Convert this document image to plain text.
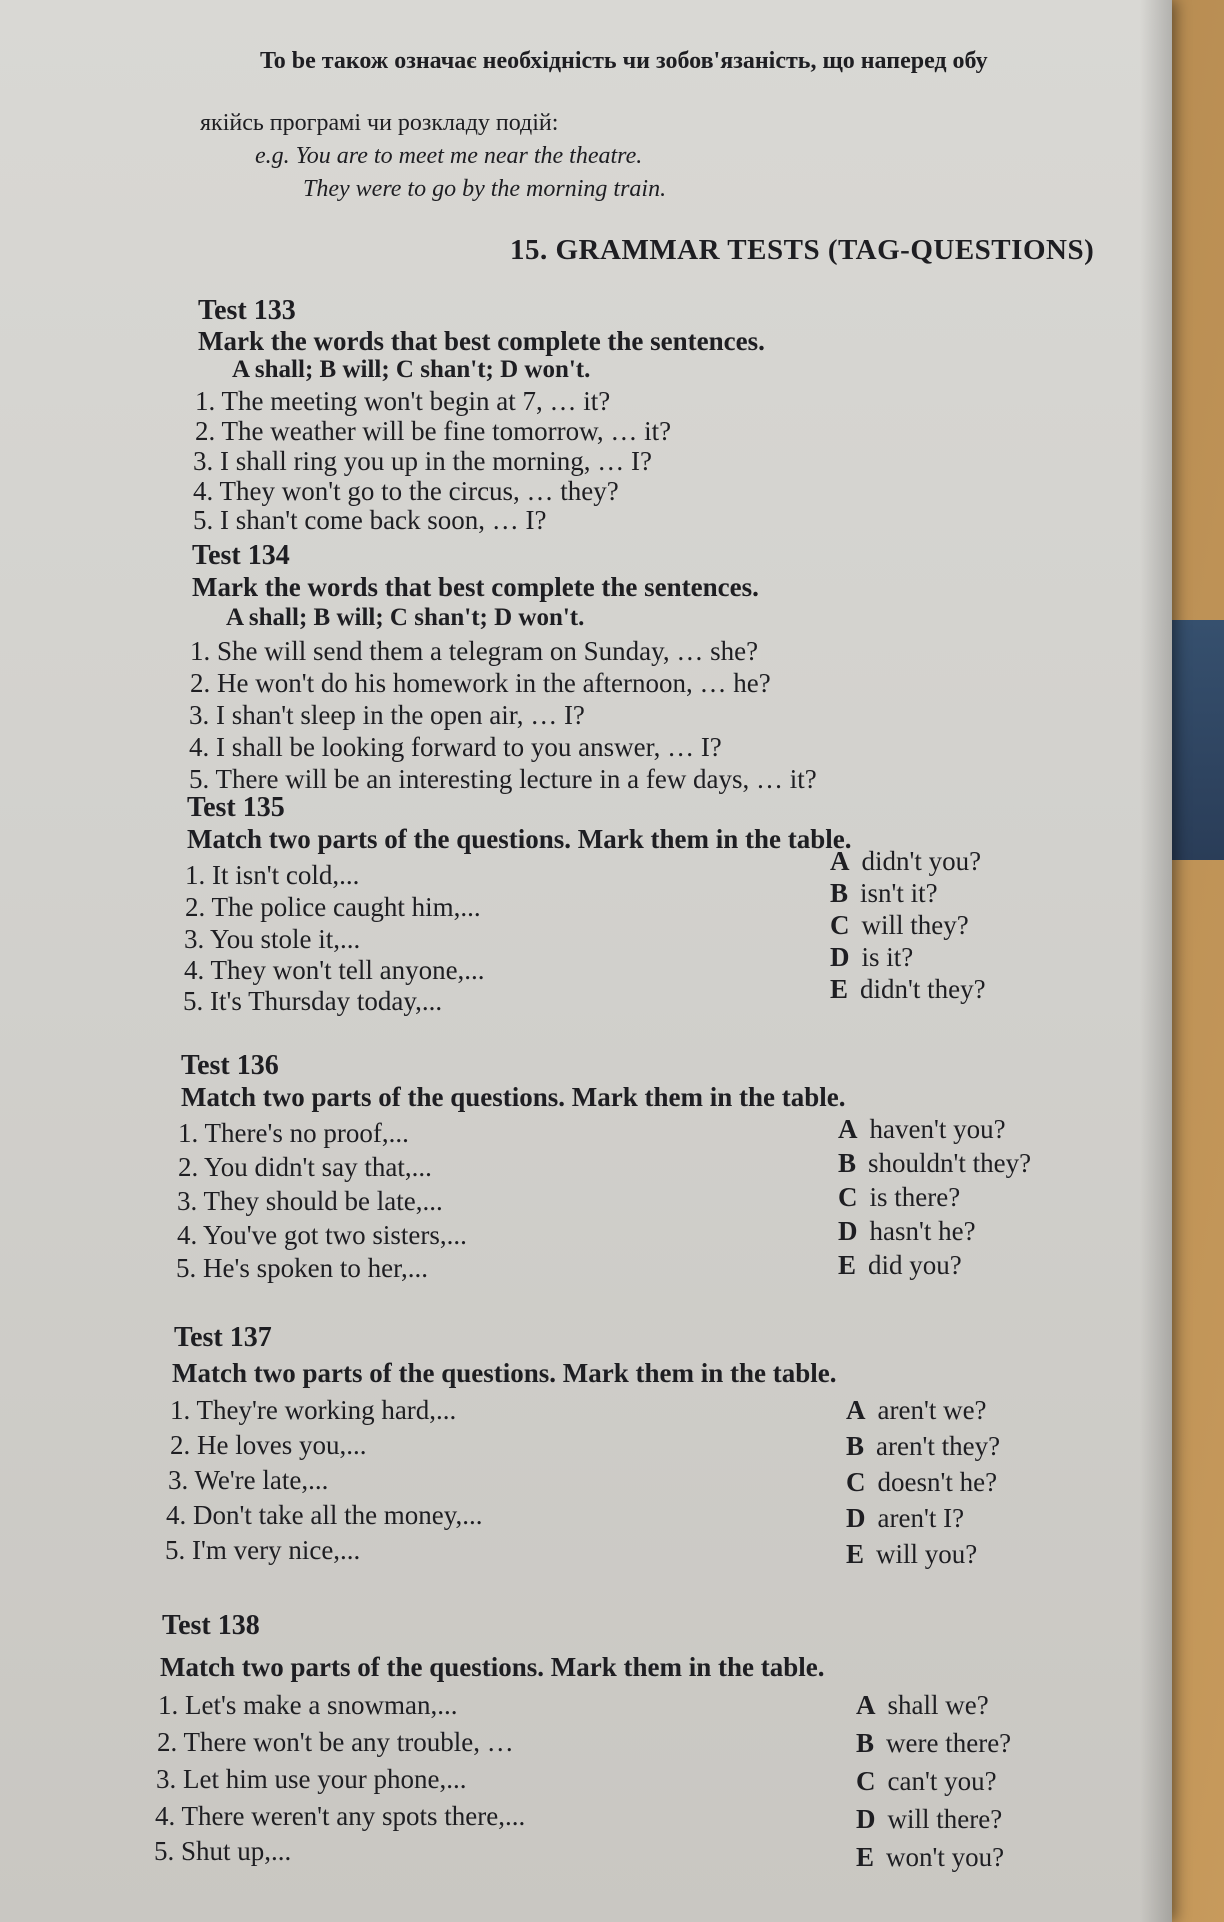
To be також означає необхідність чи зобов'язаність, що наперед обу
якійсь програмі чи розкладу подій:
e.g. You are to meet me near the theatre.
They were to go by the morning train.
15. GRAMMAR TESTS (TAG-QUESTIONS)
Test 133
Mark the words that best complete the sentences.
A shall; B will; C shan't; D won't.
1. The meeting won't begin at 7, … it?
2. The weather will be fine tomorrow, … it?
3. I shall ring you up in the morning, … I?
4. They won't go to the circus, … they?
5. I shan't come back soon, … I?
Test 134
Mark the words that best complete the sentences.
A shall; B will; C shan't; D won't.
1. She will send them a telegram on Sunday, … she?
2. He won't do his homework in the afternoon, … he?
3. I shan't sleep in the open air, … I?
4. I shall be looking forward to you answer, … I?
5. There will be an interesting lecture in a few days, … it?
Test 135
Match two parts of the questions. Mark them in the table.
1. It isn't cold,...
2. The police caught him,...
3. You stole it,...
4. They won't tell anyone,...
5. It's Thursday today,...
A didn't you?
B isn't it?
C will they?
D is it?
E didn't they?
Test 136
Match two parts of the questions. Mark them in the table.
1. There's no proof,...
2. You didn't say that,...
3. They should be late,...
4. You've got two sisters,...
5. He's spoken to her,...
A haven't you?
B shouldn't they?
C is there?
D hasn't he?
E did you?
Test 137
Match two parts of the questions. Mark them in the table.
1. They're working hard,...
2. He loves you,...
3. We're late,...
4. Don't take all the money,...
5. I'm very nice,...
A aren't we?
B aren't they?
C doesn't he?
D aren't I?
E will you?
Test 138
Match two parts of the questions. Mark them in the table.
1. Let's make a snowman,...
2. There won't be any trouble, …
3. Let him use your phone,...
4. There weren't any spots there,...
5. Shut up,...
A shall we?
B were there?
C can't you?
D will there?
E won't you?
